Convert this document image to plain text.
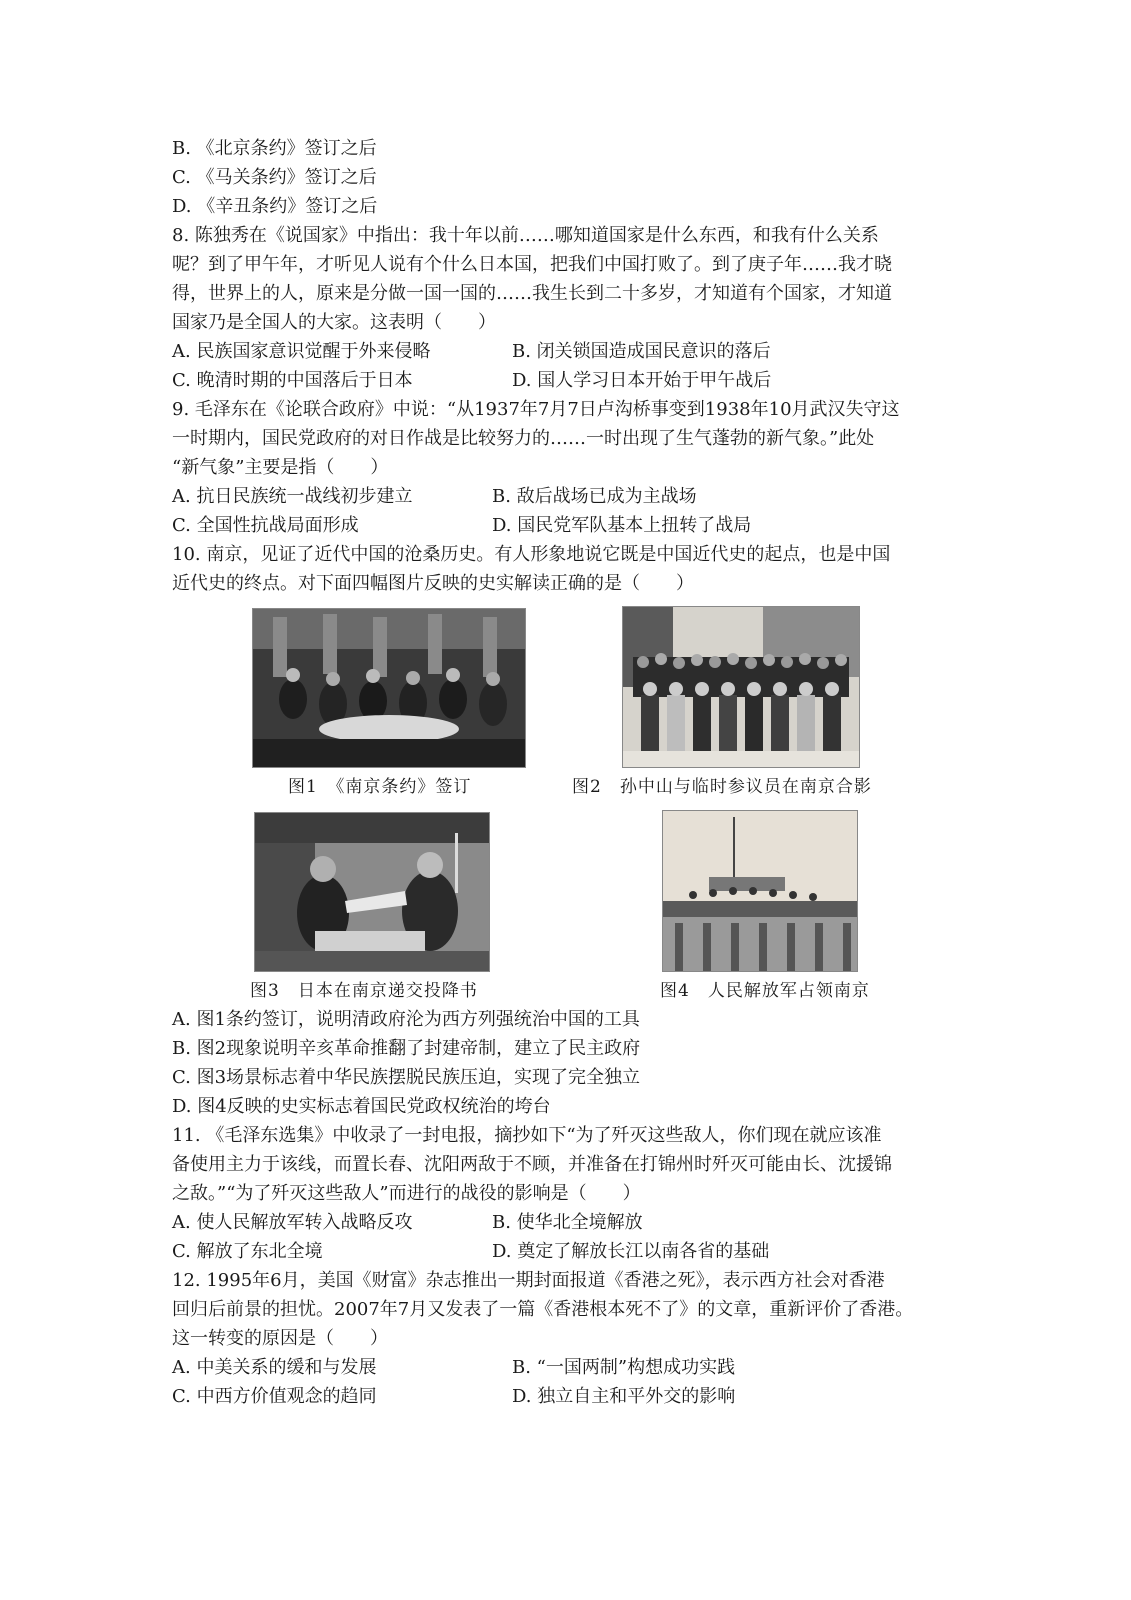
B. 《北京条约》签订之后
C. 《马关条约》签订之后
D. 《辛丑条约》签订之后
8. 陈独秀在《说国家》中指出：我十年以前……哪知道国家是什么东西，和我有什么关系
呢？到了甲午年，才听见人说有个什么日本国，把我们中国打败了。到了庚子年……我才晓
得，世界上的人，原来是分做一国一国的……我生长到二十多岁，才知道有个国家，才知道
国家乃是全国人的大家。这表明（　　）
A. 民族国家意识觉醒于外来侵略	B. 闭关锁国造成国民意识的落后
C. 晚清时期的中国落后于日本	D. 国人学习日本开始于甲午战后
9. 毛泽东在《论联合政府》中说：“从1937年7月7日卢沟桥事变到1938年10月武汉失守这
一时期内，国民党政府的对日作战是比较努力的……一时出现了生气蓬勃的新气象。”此处
“新气象”主要是指（　　）
A. 抗日民族统一战线初步建立	B. 敌后战场已成为主战场
C. 全国性抗战局面形成	D. 国民党军队基本上扭转了战局
10. 南京，见证了近代中国的沧桑历史。有人形象地说它既是中国近代史的起点，也是中国
近代史的终点。对下面四幅图片反映的史实解读正确的是（　　）
图1　《南京条约》签订	图2　孙中山与临时参议员在南京合影
图3　日本在南京递交投降书	图4　人民解放军占领南京
A. 图1条约签订，说明清政府沦为西方列强统治中国的工具
B. 图2现象说明辛亥革命推翻了封建帝制，建立了民主政府
C. 图3场景标志着中华民族摆脱民族压迫，实现了完全独立
D. 图4反映的史实标志着国民党政权统治的垮台
11. 《毛泽东选集》中收录了一封电报，摘抄如下“为了歼灭这些敌人，你们现在就应该准
备使用主力于该线，而置长春、沈阳两敌于不顾，并准备在打锦州时歼灭可能由长、沈援锦
之敌。”“为了歼灭这些敌人”而进行的战役的影响是（　　）
A. 使人民解放军转入战略反攻	B. 使华北全境解放
C. 解放了东北全境	D. 奠定了解放长江以南各省的基础
12. 1995年6月，美国《财富》杂志推出一期封面报道《香港之死》，表示西方社会对香港
回归后前景的担忧。2007年7月又发表了一篇《香港根本死不了》的文章，重新评价了香港。
这一转变的原因是（　　）
A. 中美关系的缓和与发展	B. “一国两制”构想成功实践
C. 中西方价值观念的趋同	D. 独立自主和平外交的影响
